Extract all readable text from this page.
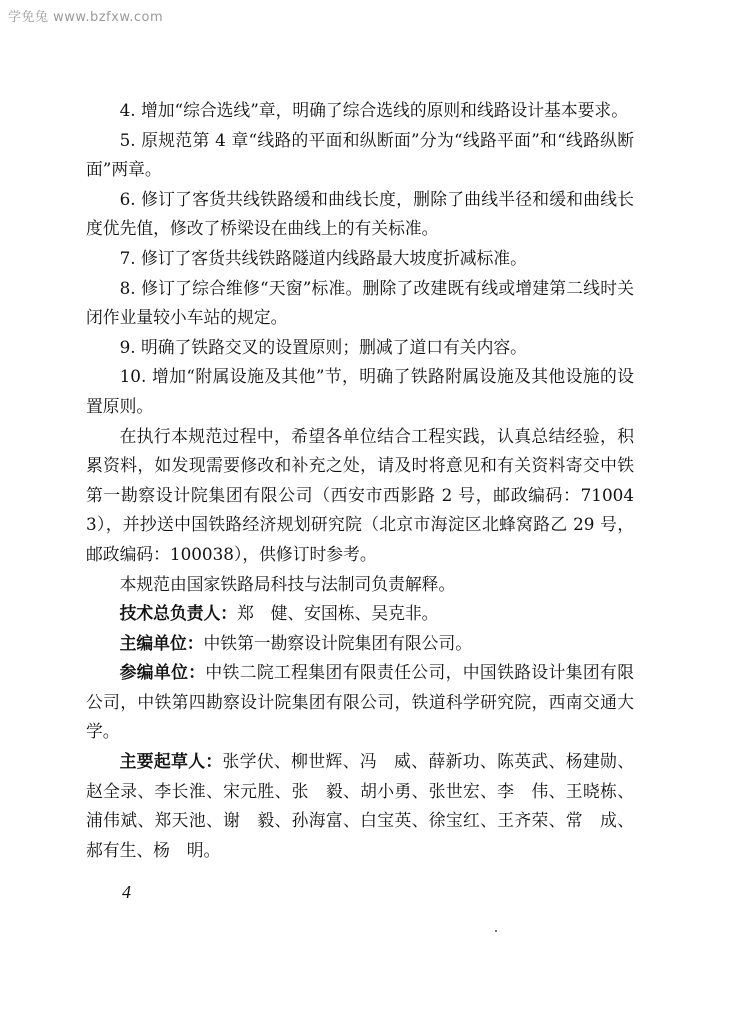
学免兔 www.bzfxw.com

4. 增加“综合选线”章，明确了综合选线的原则和线路设计基本要求。

5. 原规范第 4 章“线路的平面和纵断面”分为“线路平面”和“线路纵断面”两章。

6. 修订了客货共线铁路缓和曲线长度，删除了曲线半径和缓和曲线长度优先值，修改了桥梁设在曲线上的有关标准。

7. 修订了客货共线铁路隧道内线路最大坡度折减标准。

8. 修订了综合维修“天窗”标准。删除了改建既有线或增建第二线时关闭作业量较小车站的规定。

9. 明确了铁路交叉的设置原则；删减了道口有关内容。

10. 增加“附属设施及其他”节，明确了铁路附属设施及其他设施的设置原则。

在执行本规范过程中，希望各单位结合工程实践，认真总结经验，积累资料，如发现需要修改和补充之处，请及时将意见和有关资料寄交中铁第一勘察设计院集团有限公司（西安市西影路 2 号，邮政编码：710043），并抄送中国铁路经济规划研究院（北京市海淀区北蜂窝路乙 29 号，邮政编码：100038），供修订时参考。

本规范由国家铁路局科技与法制司负责解释。

技术总负责人：郑　健、安国栋、吴克非。

主编单位：中铁第一勘察设计院集团有限公司。

参编单位：中铁二院工程集团有限责任公司，中国铁路设计集团有限公司，中铁第四勘察设计院集团有限公司，铁道科学研究院，西南交通大学。

主要起草人：张学伏、柳世辉、冯　威、薛新功、陈英武、杨建勋、赵全录、李长淮、宋元胜、张　毅、胡小勇、张世宏、李　伟、王晓栋、浦伟斌、郑天池、谢　毅、孙海富、白宝英、徐宝红、王齐荣、常　成、郝有生、杨　明。

4
